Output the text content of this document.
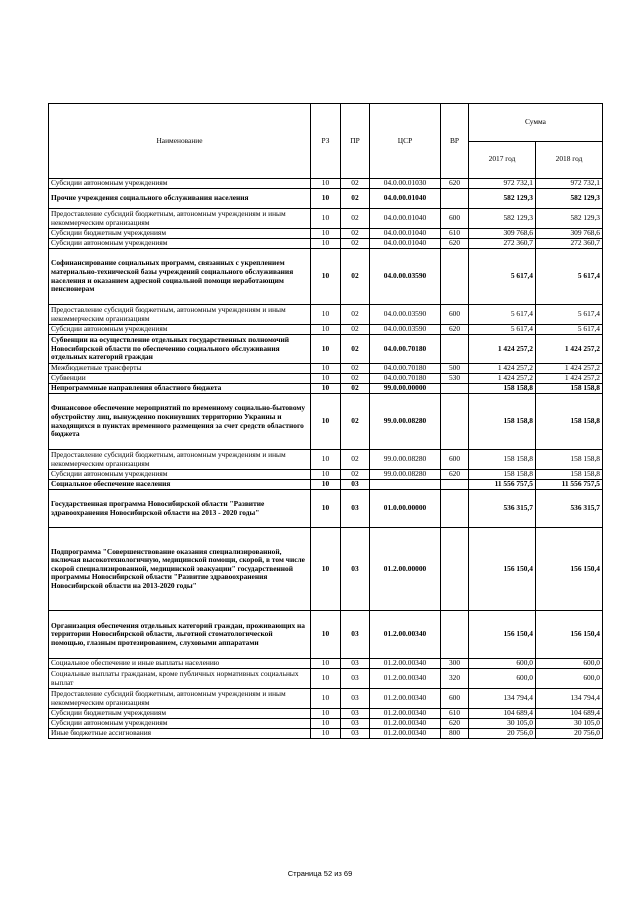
Наименование	РЗ	ПР	ЦСР	ВР	Сумма	
					2017 год	2018 год
Субсидии автономным учреждениям	10	02	04.0.00.01030	620	972 732,1	972 732,1
Прочие учреждения социального обслуживания населения	10	02	04.0.00.01040		582 129,3	582 129,3
Предоставление субсидий бюджетным, автономным учреждениям и иным некоммерческим организациям	10	02	04.0.00.01040	600	582 129,3	582 129,3
Субсидии бюджетным учреждениям	10	02	04.0.00.01040	610	309 768,6	309 768,6
Субсидии автономным учреждениям	10	02	04.0.00.01040	620	272 360,7	272 360,7
Софинансирование социальных программ, связанных с укреплением материально-технической базы учреждений социального обслуживания населения и оказанием адресной социальной помощи неработающим пенсионерам	10	02	04.0.00.03590		5 617,4	5 617,4
Предоставление субсидий бюджетным, автономным учреждениям и иным некоммерческим организациям	10	02	04.0.00.03590	600	5 617,4	5 617,4
Субсидии автономным учреждениям	10	02	04.0.00.03590	620	5 617,4	5 617,4
Субвенции на осуществление отдельных государственных полномочий Новосибирской области по обеспечению социального обслуживания отдельных категорий граждан	10	02	04.0.00.70180		1 424 257,2	1 424 257,2
Межбюджетные трансферты	10	02	04.0.00.70180	500	1 424 257,2	1 424 257,2
Субвенции	10	02	04.0.00.70180	530	1 424 257,2	1 424 257,2
Непрограммные направления областного бюджета	10	02	99.0.00.00000		158 158,8	158 158,8
Финансовое обеспечение мероприятий по временному социально-бытовому обустройству лиц, вынужденно покинувших территорию Украины и находящихся в пунктах временного размещения за счет средств областного бюджета	10	02	99.0.00.08280		158 158,8	158 158,8
Предоставление субсидий бюджетным, автономным учреждениям и иным некоммерческим организациям	10	02	99.0.00.08280	600	158 158,8	158 158,8
Субсидии автономным учреждениям	10	02	99.0.00.08280	620	158 158,8	158 158,8
Социальное обеспечение населения	10	03			11 556 757,5	11 556 757,5
Государственная программа Новосибирской области "Развитие здравоохранения Новосибирской области на 2013 - 2020 годы"	10	03	01.0.00.00000		536 315,7	536 315,7
Подпрограмма "Совершенствование оказания специализированной, включая высокотехнологичную, медицинской помощи, скорой, в том числе скорой специализированной, медицинской эвакуации" государственной программы Новосибирской области "Развитие здравоохранения Новосибирской области на 2013-2020 годы"	10	03	01.2.00.00000		156 150,4	156 150,4
Организация обеспечения отдельных категорий граждан, проживающих на территории Новосибирской области, льготной стоматологической помощью, глазным протезированием, слуховыми аппаратами	10	03	01.2.00.00340		156 150,4	156 150,4
Социальное обеспечение и иные выплаты населению	10	03	01.2.00.00340	300	600,0	600,0
Социальные выплаты гражданам, кроме публичных нормативных социальных выплат	10	03	01.2.00.00340	320	600,0	600,0
Предоставление субсидий бюджетным, автономным учреждениям и иным некоммерческим организациям	10	03	01.2.00.00340	600	134 794,4	134 794,4
Субсидии бюджетным учреждениям	10	03	01.2.00.00340	610	104 689,4	104 689,4
Субсидии автономным учреждениям	10	03	01.2.00.00340	620	30 105,0	30 105,0
Иные бюджетные ассигнования	10	03	01.2.00.00340	800	20 756,0	20 756,0
Страница 52 из 69
